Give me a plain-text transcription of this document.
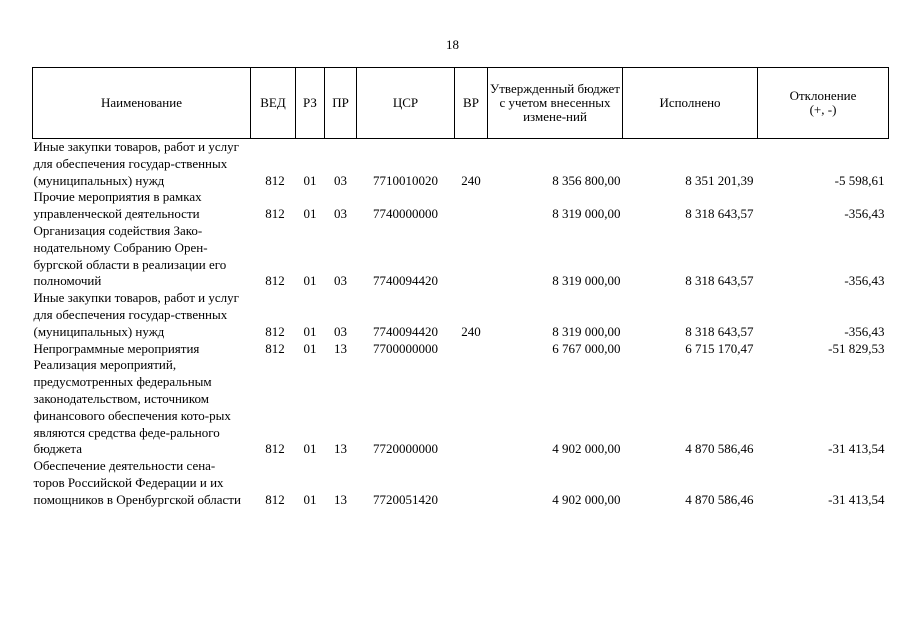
18
Наименование	ВЕД	РЗ	ПР	ЦСР	ВР	Утвержденный бюджет с учетом внесенных измене-ний	Исполнено	Отклонение
(+, -)
Иные закупки товаров, работ и услуг для обеспечения государ-ственных (муниципальных) нужд	812	01	03	7710010020	240	8 356 800,00	8 351 201,39	-5 598,61
Прочие мероприятия в рамках управленческой деятельности	812	01	03	7740000000		8 319 000,00	8 318 643,57	-356,43
Организация содействия Зако-нодательному Собранию Орен-бургской области в реализации его полномочий	812	01	03	7740094420		8 319 000,00	8 318 643,57	-356,43
Иные закупки товаров, работ и услуг для обеспечения государ-ственных (муниципальных) нужд	812	01	03	7740094420	240	8 319 000,00	8 318 643,57	-356,43
Непрограммные мероприятия	812	01	13	7700000000		6 767 000,00	6 715 170,47	-51 829,53
Реализация мероприятий, предусмотренных федеральным законодательством, источником финансового обеспечения кото-рых являются средства феде-рального бюджета	812	01	13	7720000000		4 902 000,00	4 870 586,46	-31 413,54
Обеспечение деятельности сена-торов Российской Федерации и их помощников в Оренбургской области	812	01	13	7720051420		4 902 000,00	4 870 586,46	-31 413,54
